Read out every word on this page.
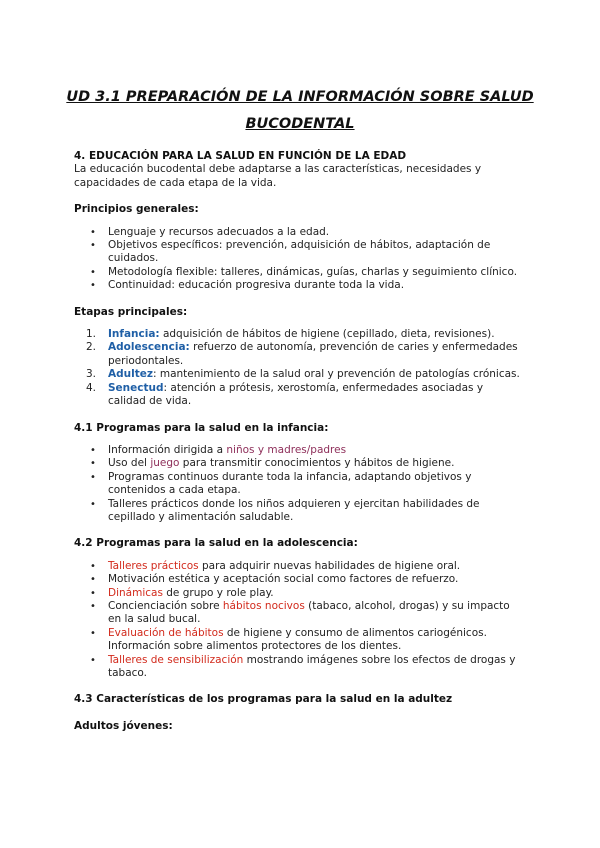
UD 3.1 PREPARACIÓN DE LA INFORMACIÓN SOBRE SALUD
BUCODENTAL
4. EDUCACIÓN PARA LA SALUD EN FUNCIÓN DE LA EDAD
La educación bucodental debe adaptarse a las características, necesidades y
capacidades de cada etapa de la vida.
Principios generales:
• Lenguaje y recursos adecuados a la edad.
• Objetivos específicos: prevención, adquisición de hábitos, adaptación de
cuidados.
• Metodología flexible: talleres, dinámicas, guías, charlas y seguimiento clínico.
• Continuidad: educación progresiva durante toda la vida.
Etapas principales:
1. Infancia: adquisición de hábitos de higiene (cepillado, dieta, revisiones).
2. Adolescencia: refuerzo de autonomía, prevención de caries y enfermedades
periodontales.
3. Adultez: mantenimiento de la salud oral y prevención de patologías crónicas.
4. Senectud: atención a prótesis, xerostomía, enfermedades asociadas y
calidad de vida.
4.1 Programas para la salud en la infancia:
• Información dirigida a niños y madres/padres
• Uso del juego para transmitir conocimientos y hábitos de higiene.
• Programas continuos durante toda la infancia, adaptando objetivos y
contenidos a cada etapa.
• Talleres prácticos donde los niños adquieren y ejercitan habilidades de
cepillado y alimentación saludable.
4.2 Programas para la salud en la adolescencia:
• Talleres prácticos para adquirir nuevas habilidades de higiene oral.
• Motivación estética y aceptación social como factores de refuerzo.
• Dinámicas de grupo y role play.
• Concienciación sobre hábitos nocivos (tabaco, alcohol, drogas) y su impacto
en la salud bucal.
• Evaluación de hábitos de higiene y consumo de alimentos cariogénicos.
Información sobre alimentos protectores de los dientes.
• Talleres de sensibilización mostrando imágenes sobre los efectos de drogas y
tabaco.
4.3 Características de los programas para la salud en la adultez
Adultos jóvenes:
